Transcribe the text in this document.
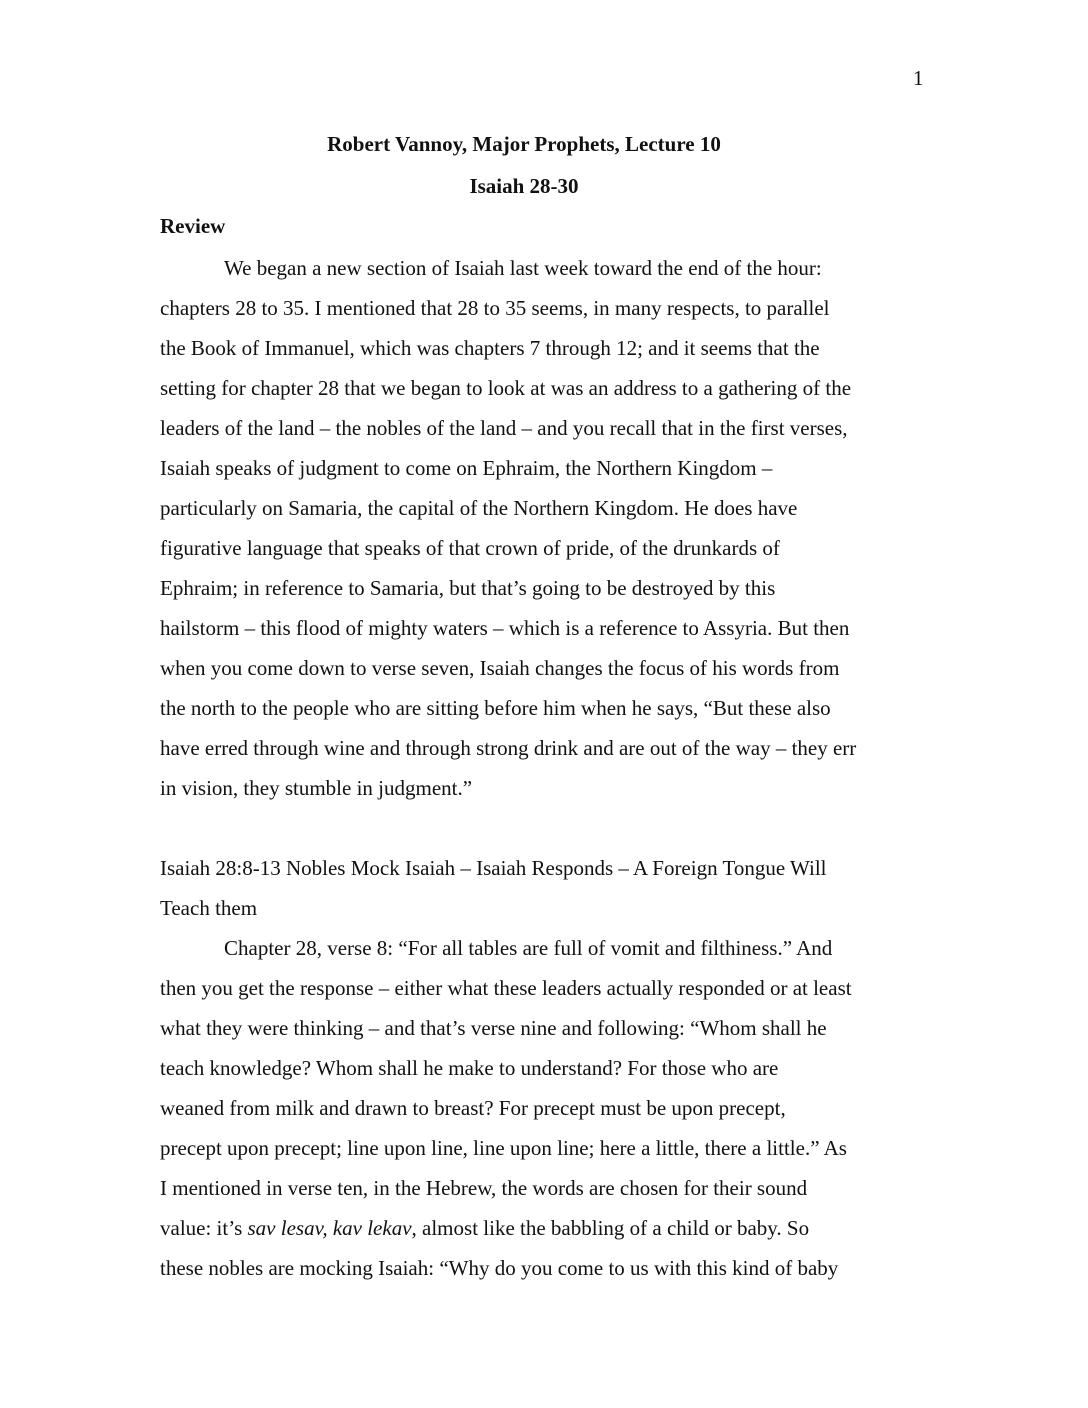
1
Robert Vannoy, Major Prophets, Lecture 10
Isaiah 28-30
Review
We began a new section of Isaiah last week toward the end of the hour:
chapters 28 to 35. I mentioned that 28 to 35 seems, in many respects, to parallel
the Book of Immanuel, which was chapters 7 through 12; and it seems that the
setting for chapter 28 that we began to look at was an address to a gathering of the
leaders of the land – the nobles of the land – and you recall that in the first verses,
Isaiah speaks of judgment to come on Ephraim, the Northern Kingdom –
particularly on Samaria, the capital of the Northern Kingdom. He does have
figurative language that speaks of that crown of pride, of the drunkards of
Ephraim; in reference to Samaria, but that’s going to be destroyed by this
hailstorm – this flood of mighty waters – which is a reference to Assyria. But then
when you come down to verse seven, Isaiah changes the focus of his words from
the north to the people who are sitting before him when he says, “But these also
have erred through wine and through strong drink and are out of the way – they err
in vision, they stumble in judgment.”
Isaiah 28:8-13 Nobles Mock Isaiah – Isaiah Responds – A Foreign Tongue Will
Teach them
Chapter 28, verse 8: “For all tables are full of vomit and filthiness.” And
then you get the response – either what these leaders actually responded or at least
what they were thinking – and that’s verse nine and following: “Whom shall he
teach knowledge? Whom shall he make to understand? For those who are
weaned from milk and drawn to breast? For precept must be upon precept,
precept upon precept; line upon line, line upon line; here a little, there a little.” As
I mentioned in verse ten, in the Hebrew, the words are chosen for their sound
value: it’s sav lesav, kav lekav, almost like the babbling of a child or baby. So
these nobles are mocking Isaiah: “Why do you come to us with this kind of baby
